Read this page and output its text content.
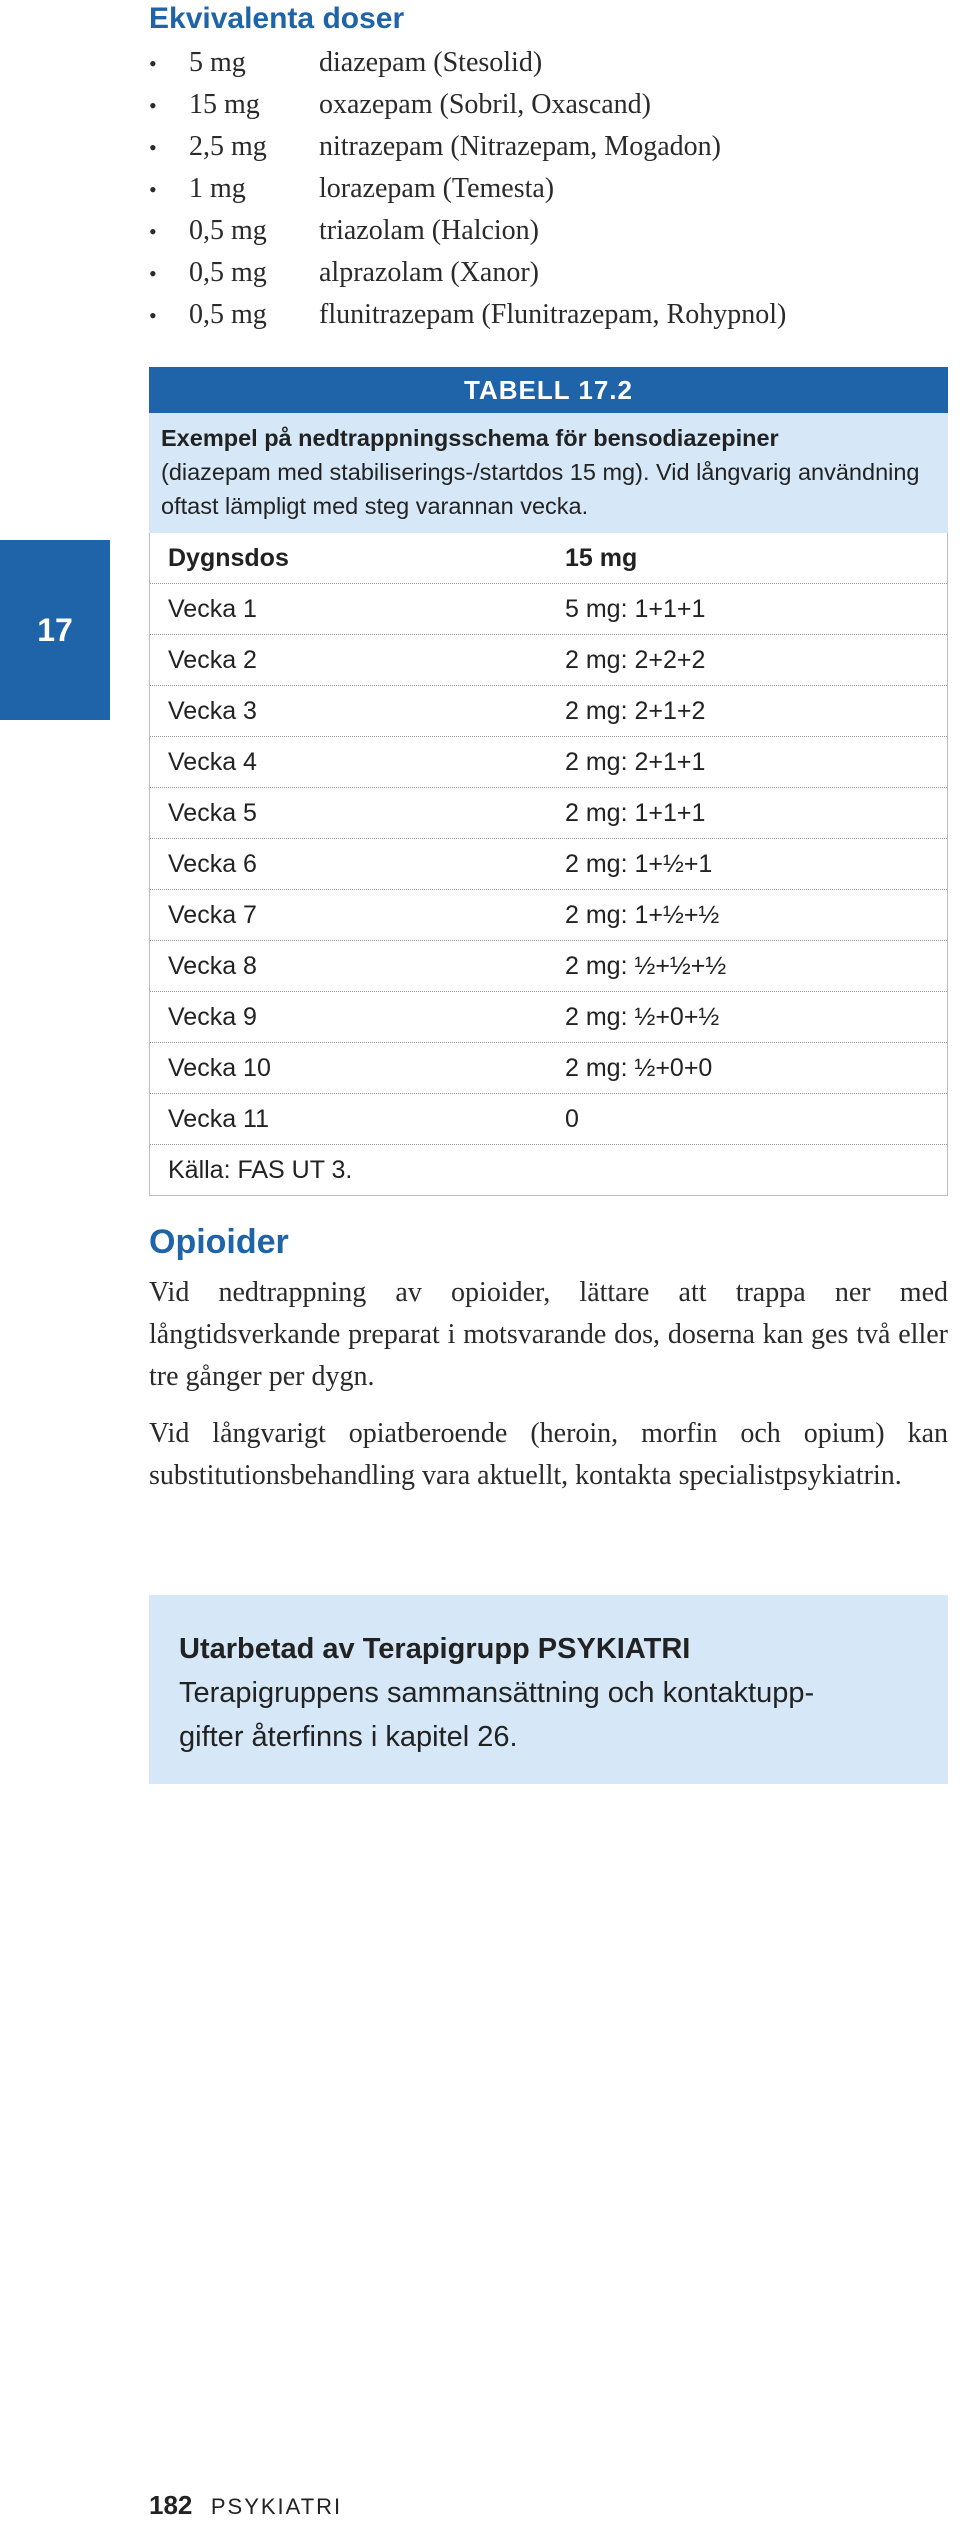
17
Ekvivalenta doser
•	5 mg	diazepam (Stesolid)
•	15 mg	oxazepam (Sobril, Oxascand)
•	2,5 mg	nitrazepam (Nitrazepam, Mogadon)
•	1 mg	lorazepam (Temesta)
•	0,5 mg	triazolam (Halcion)
•	0,5 mg	alprazolam (Xanor)
•	0,5 mg	flunitrazepam (Flunitrazepam, Rohypnol)
TABELL 17.2
Exempel på nedtrappningsschema för bensodiazepiner
(diazepam med stabiliserings-/startdos 15 mg). Vid långvarig användning oftast lämpligt med steg varannan vecka.
Dygnsdos	15 mg
Vecka 1	5 mg: 1+1+1
Vecka 2	2 mg: 2+2+2
Vecka 3	2 mg: 2+1+2
Vecka 4	2 mg: 2+1+1
Vecka 5	2 mg: 1+1+1
Vecka 6	2 mg: 1+½+1
Vecka 7	2 mg: 1+½+½
Vecka 8	2 mg: ½+½+½
Vecka 9	2 mg: ½+0+½
Vecka 10	2 mg: ½+0+0
Vecka 11	0
Källa: FAS UT 3.
Opioider

Vid nedtrappning av opioider, lättare att trappa ner med långtidsverkande preparat i motsvarande dos, doserna kan ges två eller tre gånger per dygn.

Vid långvarigt opiatberoende (heroin, morfin och opium) kan substitutionsbehandling vara aktuellt, kontakta specialistpsykiatrin.

Utarbetad av Terapigrupp PSYKIATRI
Terapigruppens sammansättning och kontaktupp-
gifter återfinns i kapitel 26.
182 PSYKIATRI
